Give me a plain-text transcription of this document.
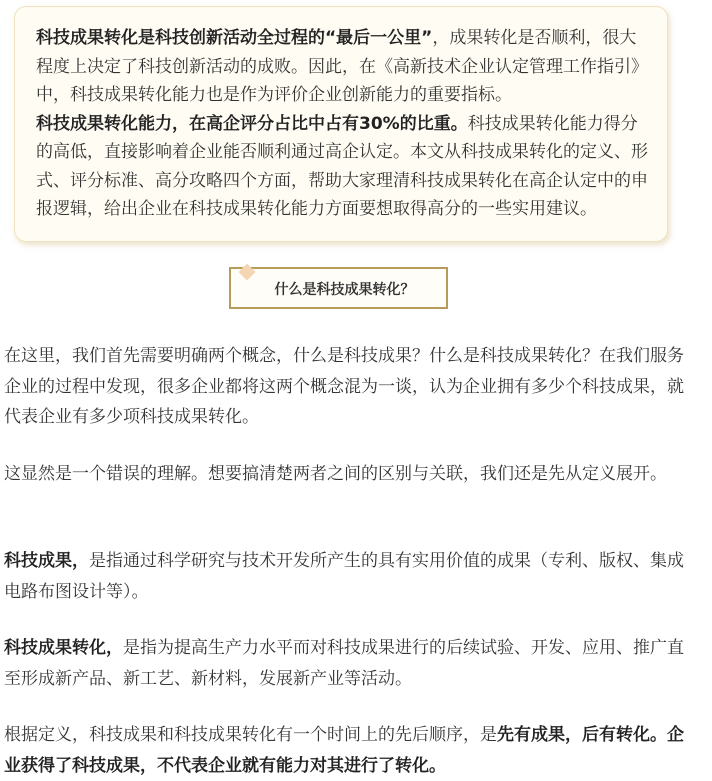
科技成果转化是科技创新活动全过程的“最后一公里”，成果转化是否顺利，很大程度上决定了科技创新活动的成败。因此，在《高新技术企业认定管理工作指引》中，科技成果转化能力也是作为评价企业创新能力的重要指标。

科技成果转化能力，在高企评分占比中占有30%的比重。科技成果转化能力得分的高低，直接影响着企业能否顺利通过高企认定。本文从科技成果转化的定义、形式、评分标准、高分攻略四个方面，帮助大家理清科技成果转化在高企认定中的申报逻辑，给出企业在科技成果转化能力方面要想取得高分的一些实用建议。

什么是科技成果转化？

在这里，我们首先需要明确两个概念，什么是科技成果？什么是科技成果转化？在我们服务企业的过程中发现，很多企业都将这两个概念混为一谈，认为企业拥有多少个科技成果，就代表企业有多少项科技成果转化。

这显然是一个错误的理解。想要搞清楚两者之间的区别与关联，我们还是先从定义展开。

科技成果，是指通过科学研究与技术开发所产生的具有实用价值的成果（专利、版权、集成电路布图设计等）。

科技成果转化，是指为提高生产力水平而对科技成果进行的后续试验、开发、应用、推广直至形成新产品、新工艺、新材料，发展新产业等活动。

根据定义，科技成果和科技成果转化有一个时间上的先后顺序，是先有成果，后有转化。企业获得了科技成果，不代表企业就有能力对其进行了转化。
